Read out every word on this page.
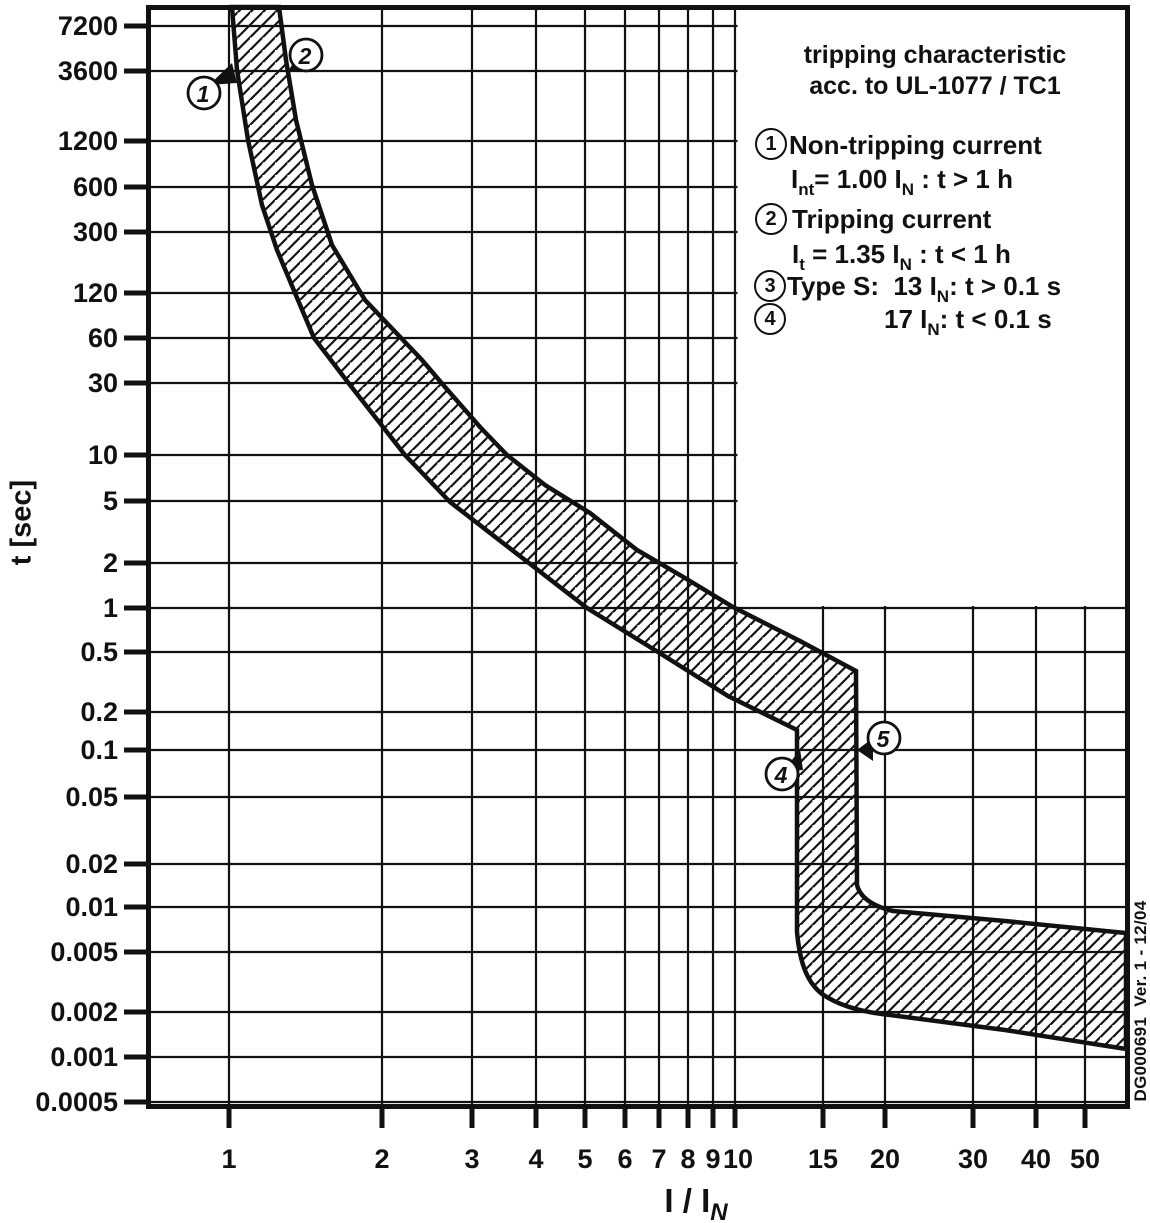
7200
3600
1200
600
300
120
60
30
10
5
2
1
0.5
0.2
0.1
0.05
0.02
0.01
0.005
0.002
0.001
0.0005
1	2	3 4 5 6 7 8 9 10 15 20 30 40 50
1
2
4
5
tripping characteristic
acc. to UL-1077 / TC1
1 Non-tripping current
$I_{nt}= 1.00$ $I_N$ : t > 1 h
2 Tripping current
$I_t = 1.35$ $I_N$ : t < 1 h
3 Type S:  13 $I_N$: t > 0.1 s
4	17 $I_N$: t < 0.1 s
t [sec]
I / $I_N$
DG000691  Ver. 1 - 12/04
